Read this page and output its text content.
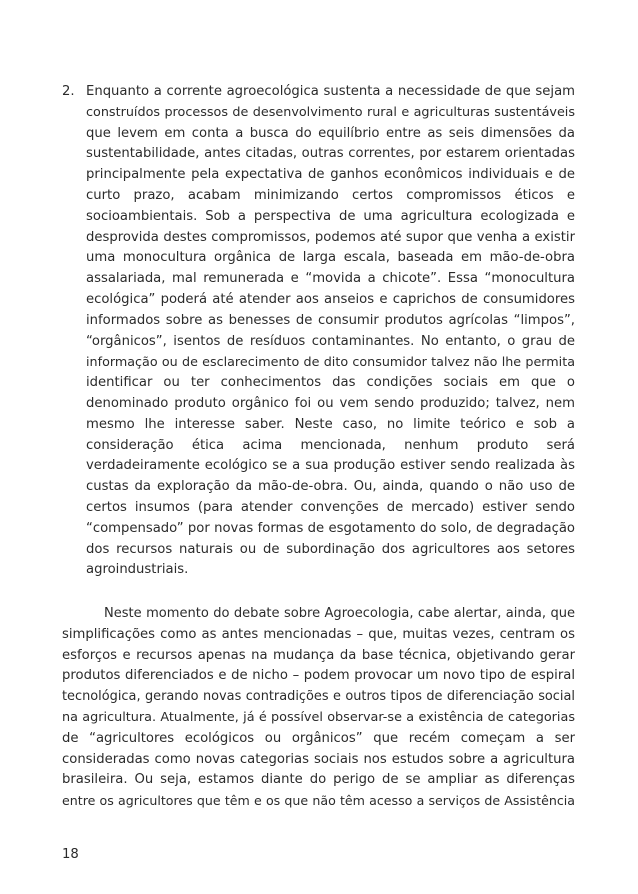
2. Enquanto a corrente agroecológica sustenta a necessidade de que sejam
construídos processos de desenvolvimento rural e agriculturas sustentáveis
que levem em conta a busca do equilíbrio entre as seis dimensões da
sustentabilidade, antes citadas, outras correntes, por estarem orientadas
principalmente pela expectativa de ganhos econômicos individuais e de
curto prazo, acabam minimizando certos compromissos éticos e
socioambientais. Sob a perspectiva de uma agricultura ecologizada e
desprovida destes compromissos, podemos até supor que venha a existir
uma monocultura orgânica de larga escala, baseada em mão-de-obra
assalariada, mal remunerada e “movida a chicote”. Essa “monocultura
ecológica” poderá até atender aos anseios e caprichos de consumidores
informados sobre as benesses de consumir produtos agrícolas “limpos”,
“orgânicos”, isentos de resíduos contaminantes. No entanto, o grau de
informação ou de esclarecimento de dito consumidor talvez não lhe permita
identificar ou ter conhecimentos das condições sociais em que o
denominado produto orgânico foi ou vem sendo produzido; talvez, nem
mesmo lhe interesse saber. Neste caso, no limite teórico e sob a
consideração ética acima mencionada, nenhum produto será
verdadeiramente ecológico se a sua produção estiver sendo realizada às
custas da exploração da mão-de-obra. Ou, ainda, quando o não uso de
certos insumos (para atender convenções de mercado) estiver sendo
“compensado” por novas formas de esgotamento do solo, de degradação
dos recursos naturais ou de subordinação dos agricultores aos setores
agroindustriais.
Neste momento do debate sobre Agroecologia, cabe alertar, ainda, que
simplificações como as antes mencionadas – que, muitas vezes, centram os
esforços e recursos apenas na mudança da base técnica, objetivando gerar
produtos diferenciados e de nicho – podem provocar um novo tipo de espiral
tecnológica, gerando novas contradições e outros tipos de diferenciação social
na agricultura. Atualmente, já é possível observar-se a existência de categorias
de “agricultores ecológicos ou orgânicos” que recém começam a ser
consideradas como novas categorias sociais nos estudos sobre a agricultura
brasileira. Ou seja, estamos diante do perigo de se ampliar as diferenças
entre os agricultores que têm e os que não têm acesso a serviços de Assistência
18
